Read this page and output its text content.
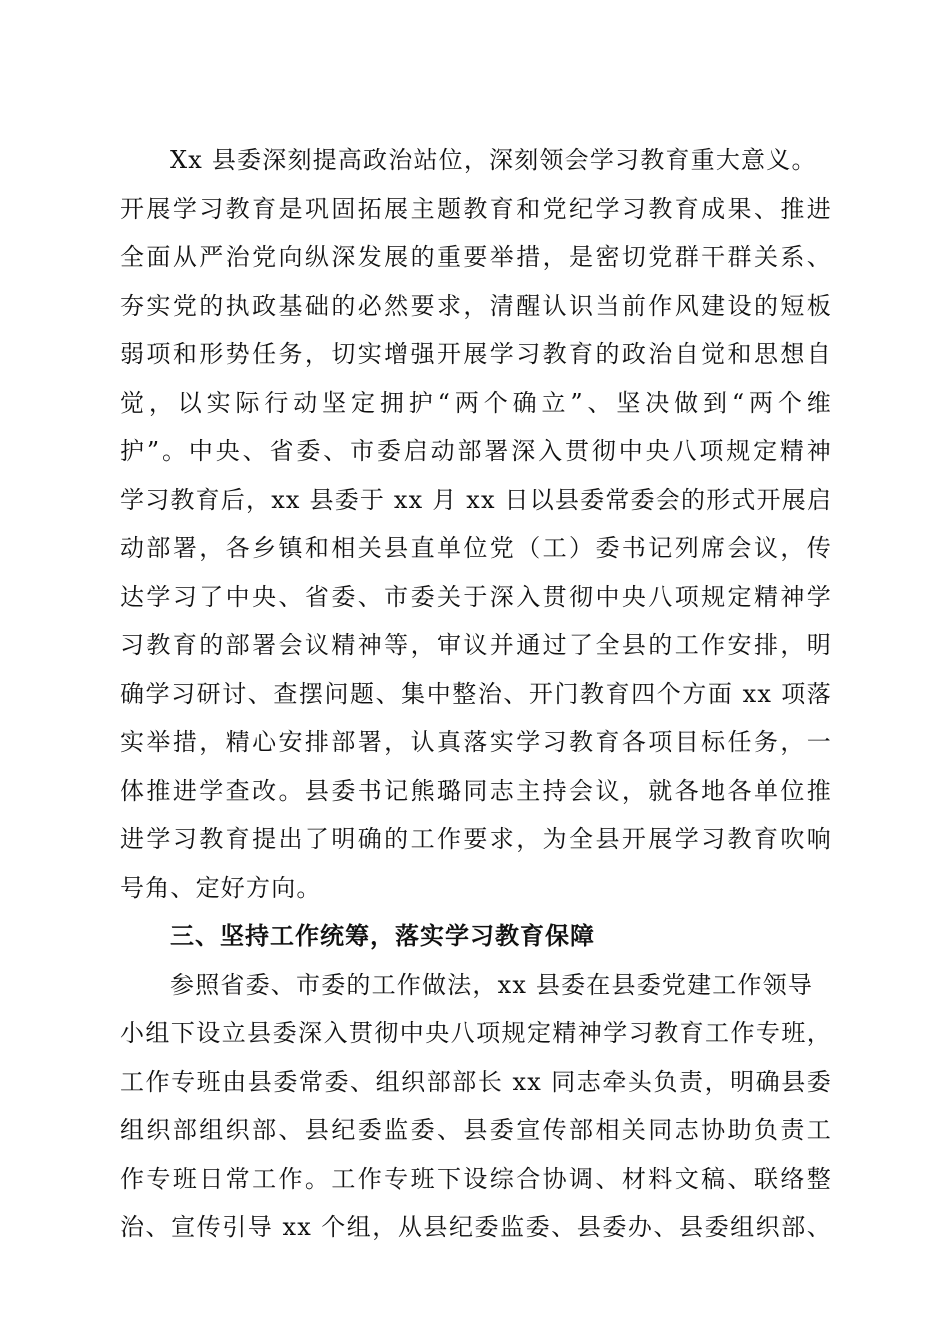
Xx 县委深刻提高政治站位，深刻领会学习教育重大意义。
开展学习教育是巩固拓展主题教育和党纪学习教育成果、推进
全面从严治党向纵深发展的重要举措，是密切党群干群关系、
夯实党的执政基础的必然要求，清醒认识当前作风建设的短板
弱项和形势任务，切实增强开展学习教育的政治自觉和思想自
觉，以实际行动坚定拥护“两个确立”、坚决做到“两个维
护”。中央、省委、市委启动部署深入贯彻中央八项规定精神
学习教育后，xx 县委于 xx 月 xx 日以县委常委会的形式开展启
动部署，各乡镇和相关县直单位党（工）委书记列席会议，传
达学习了中央、省委、市委关于深入贯彻中央八项规定精神学
习教育的部署会议精神等，审议并通过了全县的工作安排，明
确学习研讨、查摆问题、集中整治、开门教育四个方面 xx 项落
实举措，精心安排部署，认真落实学习教育各项目标任务，一
体推进学查改。县委书记熊璐同志主持会议，就各地各单位推
进学习教育提出了明确的工作要求，为全县开展学习教育吹响
号角、定好方向。
三、坚持工作统筹，落实学习教育保障
参照省委、市委的工作做法，xx 县委在县委党建工作领导
小组下设立县委深入贯彻中央八项规定精神学习教育工作专班，
工作专班由县委常委、组织部部长 xx 同志牵头负责，明确县委
组织部组织部、县纪委监委、县委宣传部相关同志协助负责工
作专班日常工作。工作专班下设综合协调、材料文稿、联络整
治、宣传引导 xx 个组，从县纪委监委、县委办、县委组织部、
